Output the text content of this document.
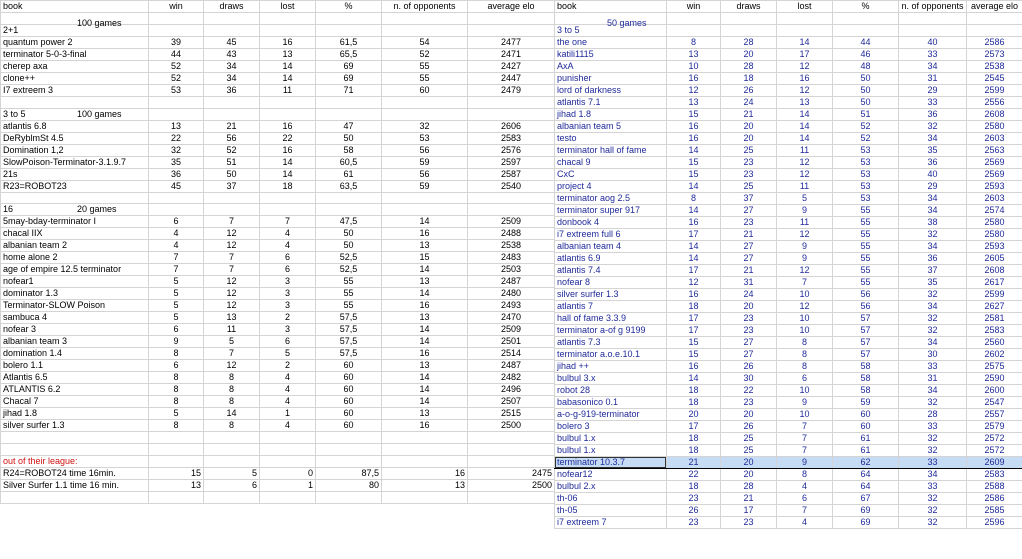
book	win	draws	lost	%	n. of opponents	average elo

100 games						

2+1						
quantum power 2	39	45	16	61,5	54	2477
terminator 5-0-3-final	44	43	13	65,5	52	2471
cherep axa	52	34	14	69	55	2427
clone++	52	34	14	69	55	2447
I7 extreem 3	53	36	11	71	60	2479

3 to 5 100 games						

atlantis 6.8	13	21	16	47	32	2606
DeRyblmSt 4.5	22	56	22	50	53	2583
Domination 1,2	32	52	16	58	56	2576
SlowPoison-Terminator-3.1.9.7	35	51	14	60,5	59	2597
21s	36	50	14	61	56	2587
R23=ROBOT23	45	37	18	63,5	59	2540

16 20 games						

5may-bday-terminator I	6	7	7	47,5	14	2509
chacal IIX	4	12	4	50	16	2488
albanian team 2	4	12	4	50	13	2538
home alone 2	7	7	6	52,5	15	2483
age of empire 12.5 terminator	7	7	6	52,5	14	2503
nofear1	5	12	3	55	13	2487
dominator 1.3	5	12	3	55	14	2480
Terminator-SLOW Poison	5	12	3	55	16	2493
sambuca 4	5	13	2	57,5	13	2470
nofear 3	6	11	3	57,5	14	2509
albanian team 3	9	5	6	57,5	14	2501
domination 1.4	8	7	5	57,5	16	2514
bolero 1.1	6	12	2	60	13	2487
Atlantis 6.5	8	8	4	60	14	2482
ATLANTIS 6.2	8	8	4	60	14	2496
Chacal 7	8	8	4	60	14	2507
jihad 1.8	5	14	1	60	13	2515
silver surfer 1.3	8	8	4	60	16	2500

out of their league:						
R24=ROBOT24 time 16min.	15	5	0	87,5	16	2475
Silver Surfer 1.1 time 16 min.	13	6	1	80	13	2500

book	win	draws	lost	%	n. of opponents	average elo

50 games						

3 to 5						
the one	8	28	14	44	40	2586
katili1115	13	20	17	46	33	2573
AxA	10	28	12	48	34	2538
punisher	16	18	16	50	31	2545
lord of darkness	12	26	12	50	29	2599
atlantis 7.1	13	24	13	50	33	2556
jihad 1.8	15	21	14	51	36	2608
albanian team 5	16	20	14	52	32	2580
testo	16	20	14	52	34	2603
terminator hall of fame	14	25	11	53	35	2563
chacal 9	15	23	12	53	36	2569
CxC	15	23	12	53	40	2569
project 4	14	25	11	53	29	2593
terminator aog 2.5	8	37	5	53	34	2603
terminator super 917	14	27	9	55	34	2574
donbook 4	16	23	11	55	38	2580
i7 extreem full 6	17	21	12	55	32	2580
albanian team 4	14	27	9	55	34	2593
atlantis 6.9	14	27	9	55	36	2605
atlantis 7.4	17	21	12	55	37	2608
nofear 8	12	31	7	55	35	2617
silver surfer 1.3	16	24	10	56	32	2599
atlantis 7	18	20	12	56	34	2627
hall of fame 3.3.9	17	23	10	57	32	2581
terminator a-of g 9199	17	23	10	57	32	2583
atlantis 7.3	15	27	8	57	34	2560
terminator a.o.e.10.1	15	27	8	57	30	2602
jihad ++	16	26	8	58	33	2575
bulbul 3.x	14	30	6	58	31	2590
robot 28	18	22	10	58	34	2600
babasonico 0.1	18	23	9	59	32	2547
a-o-g-919-terminator	20	20	10	60	28	2557
bolero 3	17	26	7	60	33	2579
bulbul 1.x	18	25	7	61	32	2572
bulbul 1.x	18	25	7	61	32	2572
terminator 10.3.7	21	20	9	62	33	2609
nofear12	22	20	8	64	34	2583
bulbul 2.x	18	28	4	64	33	2588
th-06	23	21	6	67	32	2586
th-05	26	17	7	69	32	2585
i7 extreem 7	23	23	4	69	32	2596
